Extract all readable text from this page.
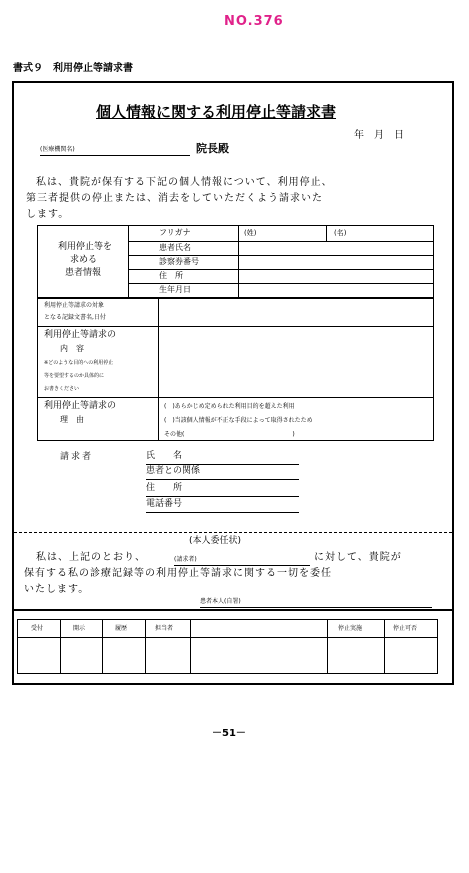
NO.376
書式９　利用停止等請求書
個人情報に関する利用停止等請求書
年　月　日
(医療機関名)	院長殿
私は、貴院が保有する下記の個人情報について、利用停止、
第三者提供の停止または、消去をしていただくよう請求いた
します。
利用停止等を
求める
患者情報
フリガナ	(姓)	(名)
患者氏名
診察券番号
住　所
生年月日
利用停止等請求の対象
となる記録文書名,日付
利用停止等請求の
内　容
※どのような目的への利用停止
等を要望するのか具体的に
お書きください
利用停止等請求の
理　由
(　)あらかじめ定められた利用目的を超えた利用
(　)当該個人情報が不正な手段によって取得されたため
その他(　　　　　　　　　　　　　　　　　　)
請求者	氏　　名
患者との関係
住　　所
電話番号
(本人委任状)
私は、上記のとおり、	(請求者)	に対して、貴院が
保有する私の診療記録等の利用停止等請求に関する一切を委任
いたします。
患者本人(自署)
受付	開示	履歴	担当者	停止実施	停止可否
－51－
